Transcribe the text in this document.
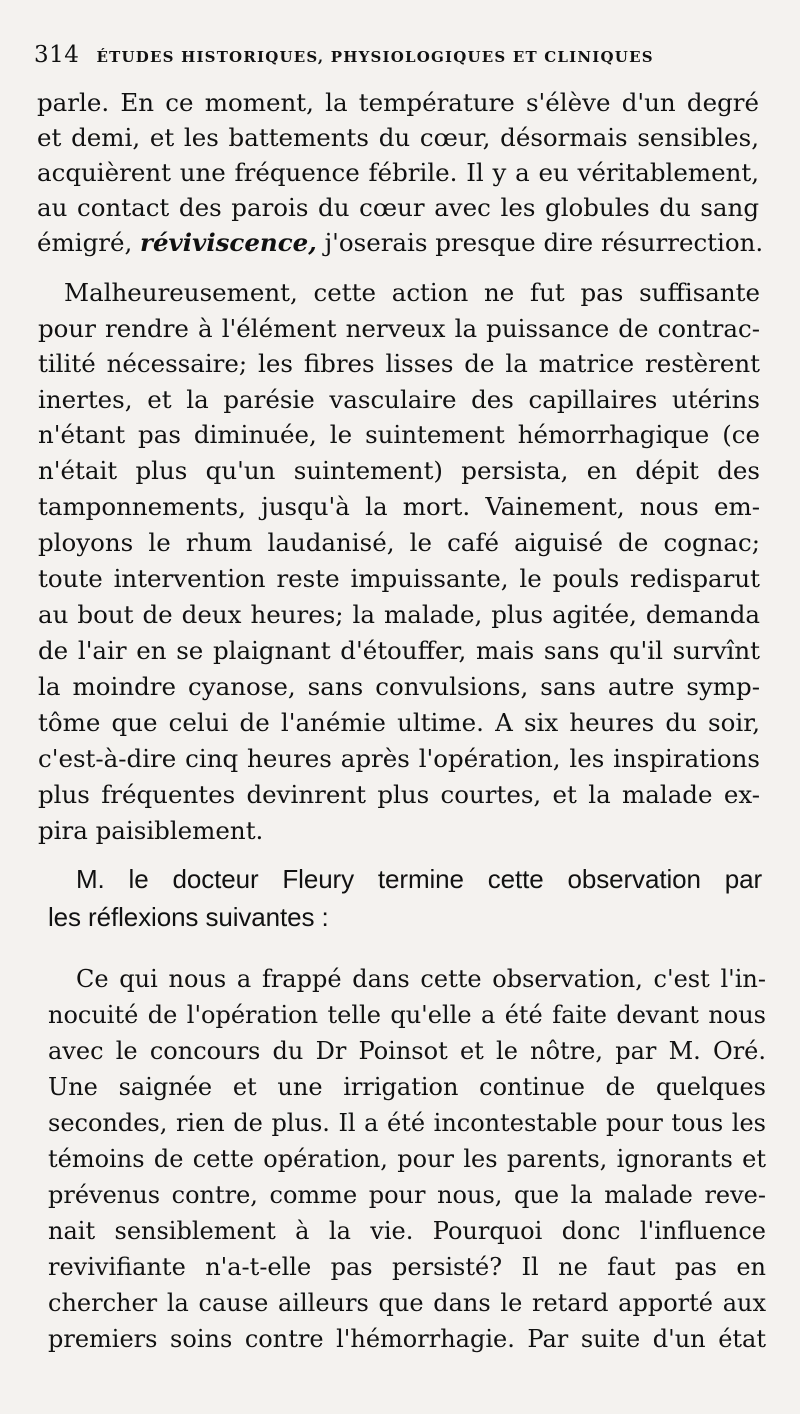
314 ÉTUDES HISTORIQUES, PHYSIOLOGIQUES ET CLINIQUES
parle. En ce moment, la température s'élève d'un degré
et demi, et les battements du cœur, désormais sensibles,
acquièrent une fréquence fébrile. Il y a eu véritablement,
au contact des parois du cœur avec les globules du sang
émigré, réviviscence, j'oserais presque dire résurrection.
Malheureusement, cette action ne fut pas suffisante
pour rendre à l'élément nerveux la puissance de contrac-
tilité nécessaire; les fibres lisses de la matrice restèrent
inertes, et la parésie vasculaire des capillaires utérins
n'étant pas diminuée, le suintement hémorrhagique (ce
n'était plus qu'un suintement) persista, en dépit des
tamponnements, jusqu'à la mort. Vainement, nous em-
ployons le rhum laudanisé, le café aiguisé de cognac;
toute intervention reste impuissante, le pouls redisparut
au bout de deux heures; la malade, plus agitée, demanda
de l'air en se plaignant d'étouffer, mais sans qu'il survînt
la moindre cyanose, sans convulsions, sans autre symp-
tôme que celui de l'anémie ultime. A six heures du soir,
c'est-à-dire cinq heures après l'opération, les inspirations
plus fréquentes devinrent plus courtes, et la malade ex-
pira paisiblement.
M. le docteur Fleury termine cette observation par
les réflexions suivantes :
Ce qui nous a frappé dans cette observation, c'est l'in-
nocuité de l'opération telle qu'elle a été faite devant nous
avec le concours du Dr Poinsot et le nôtre, par M. Oré.
Une saignée et une irrigation continue de quelques
secondes, rien de plus. Il a été incontestable pour tous les
témoins de cette opération, pour les parents, ignorants et
prévenus contre, comme pour nous, que la malade reve-
nait sensiblement à la vie. Pourquoi donc l'influence
revivifiante n'a-t-elle pas persisté? Il ne faut pas en
chercher la cause ailleurs que dans le retard apporté aux
premiers soins contre l'hémorrhagie. Par suite d'un état
